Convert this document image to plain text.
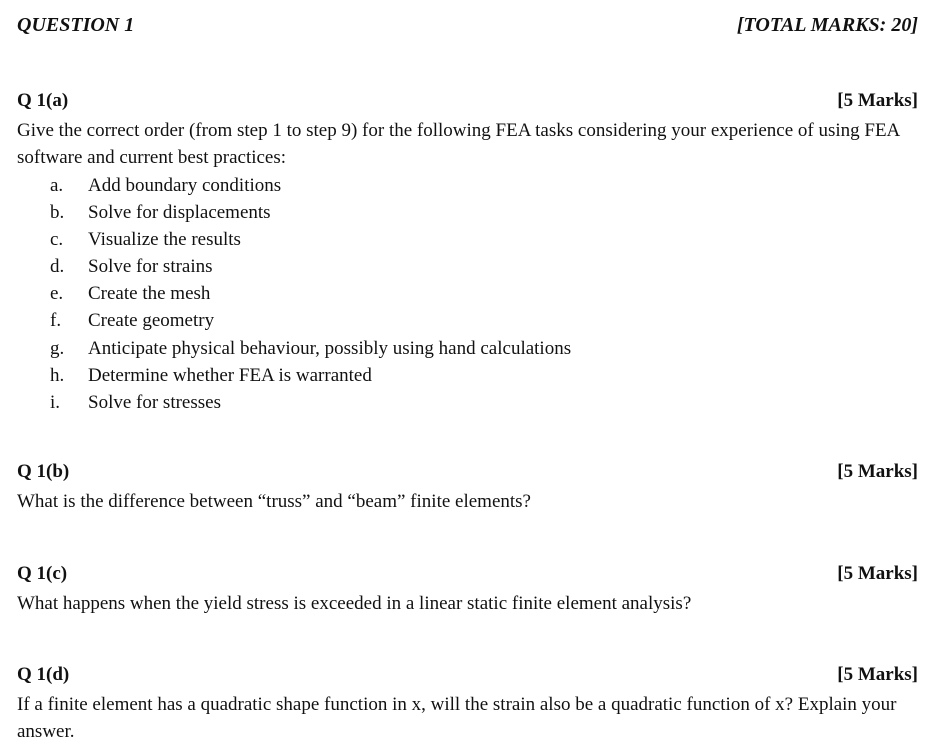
QUESTION 1	[TOTAL MARKS: 20]
Q 1(a)	[5 Marks]
Give the correct order (from step 1 to step 9) for the following FEA tasks considering your experience of using FEA software and current best practices:
a.	Add boundary conditions
b.	Solve for displacements
c.	Visualize the results
d.	Solve for strains
e.	Create the mesh
f.	Create geometry
g.	Anticipate physical behaviour, possibly using hand calculations
h.	Determine whether FEA is warranted
i.	Solve for stresses
Q 1(b)	[5 Marks]
What is the difference between “truss” and “beam” finite elements?
Q 1(c)	[5 Marks]
What happens when the yield stress is exceeded in a linear static finite element analysis?
Q 1(d)	[5 Marks]
If a finite element has a quadratic shape function in x, will the strain also be a quadratic function of x? Explain your answer.
